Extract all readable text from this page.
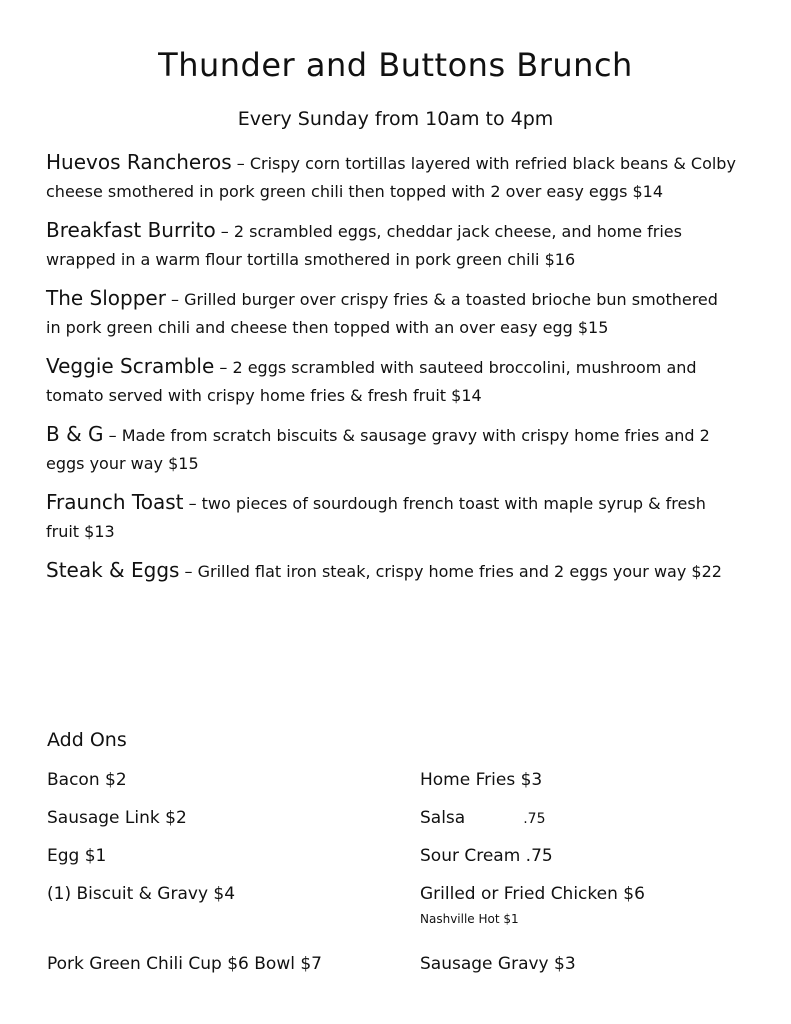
Thunder and Buttons Brunch
Every Sunday from 10am to 4pm
Huevos Rancheros – Crispy corn tortillas layered with refried black beans & Colby cheese smothered in pork green chili then topped with 2 over easy eggs $14
Breakfast Burrito – 2 scrambled eggs, cheddar jack cheese, and home fries wrapped in a warm flour tortilla smothered in pork green chili $16
The Slopper – Grilled burger over crispy fries & a toasted brioche bun smothered in pork green chili and cheese then topped with an over easy egg $15
Veggie Scramble – 2 eggs scrambled with sauteed broccolini, mushroom and tomato served with crispy home fries & fresh fruit $14
B & G – Made from scratch biscuits & sausage gravy with crispy home fries and 2 eggs your way $15
Fraunch Toast – two pieces of sourdough french toast with maple syrup & fresh fruit $13
Steak & Eggs – Grilled flat iron steak, crispy home fries and 2 eggs your way $22
Add Ons
Bacon $2
Sausage Link $2
Egg $1
(1) Biscuit & Gravy $4
Pork Green Chili Cup $6 Bowl $7
Home Fries $3
Salsa	.75
Sour Cream .75
Grilled or Fried Chicken $6
Nashville Hot $1
Sausage Gravy $3
